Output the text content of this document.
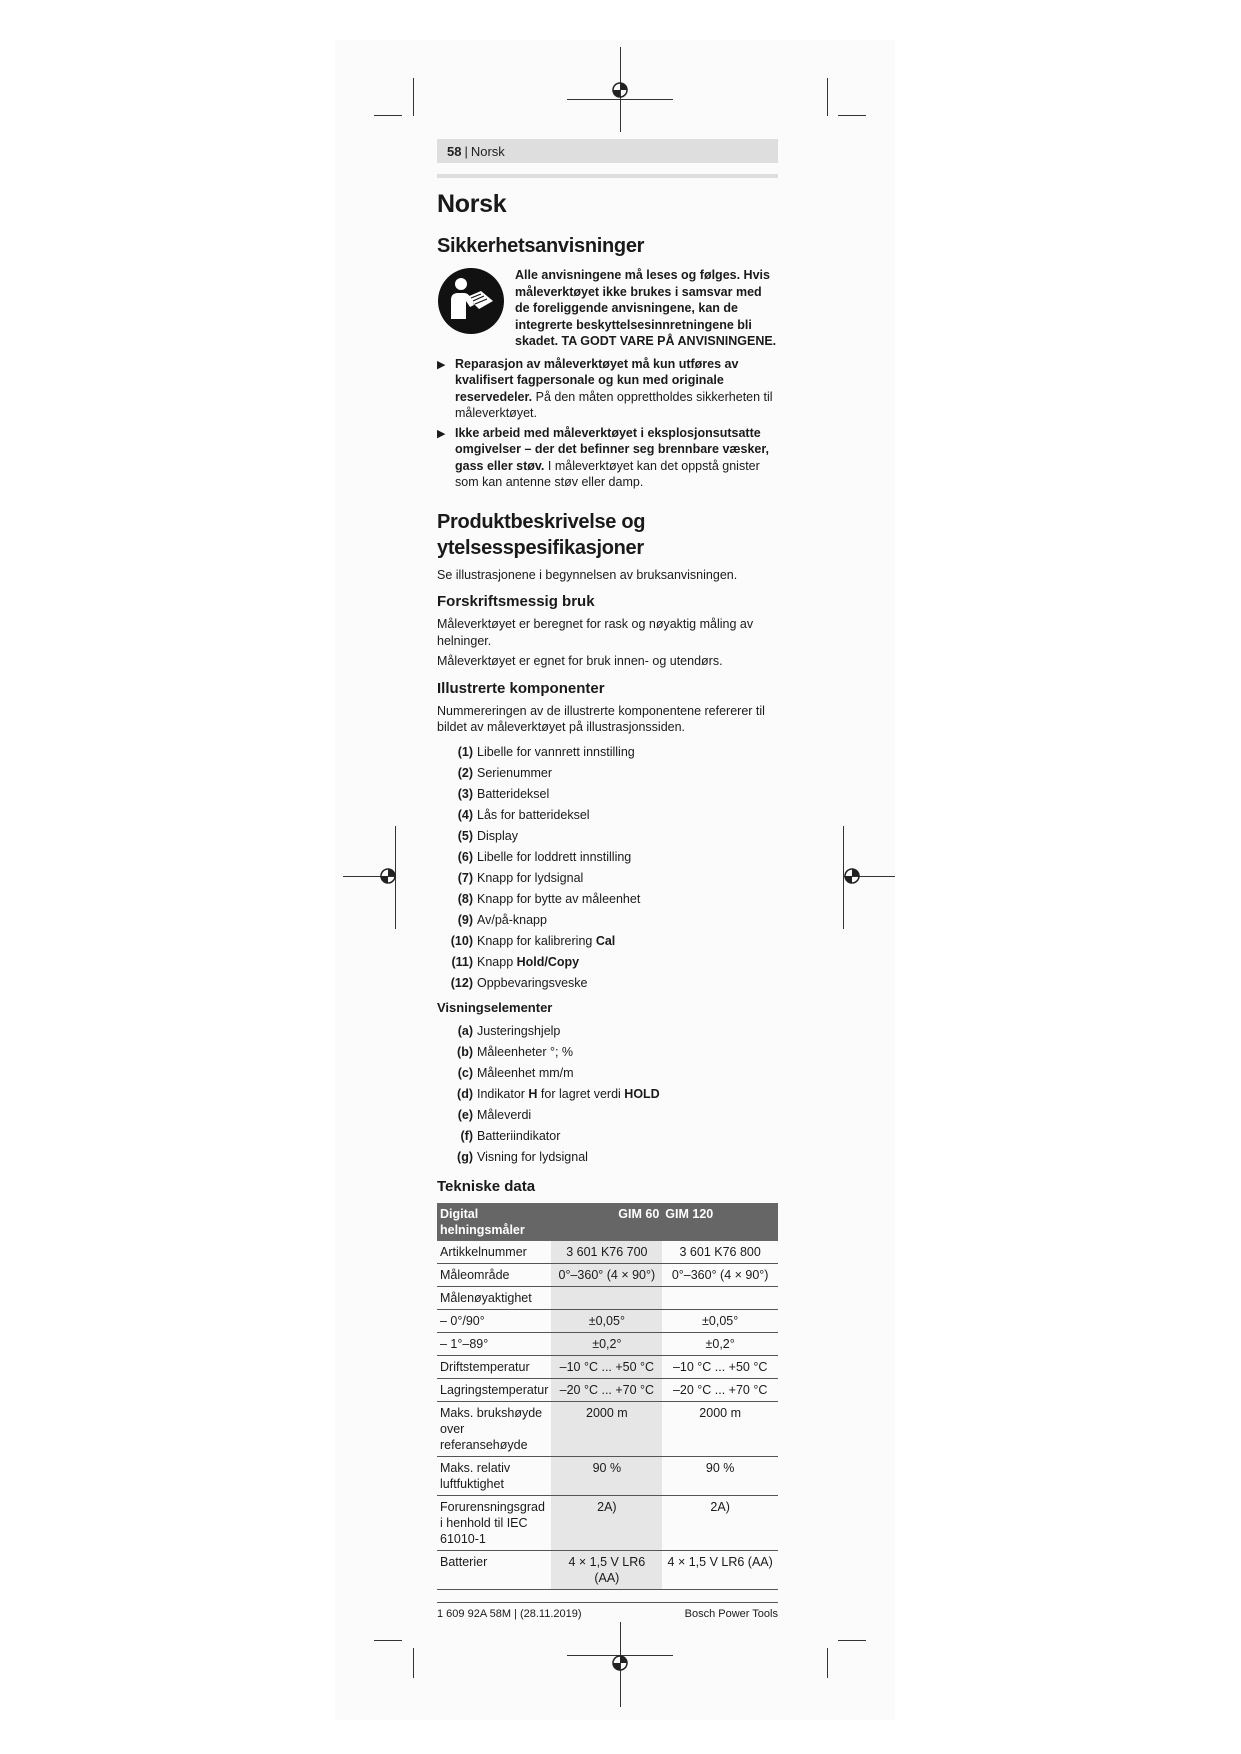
58 | Norsk
Norsk
Sikkerhetsanvisninger
Alle anvisningene må leses og følges. Hvis måleverktøyet ikke brukes i samsvar med de foreliggende anvisningene, kan de integrerte beskyttelsesinnretningene bli skadet. TA GODT VARE PÅ ANVISNINGENE.
▶ Reparasjon av måleverktøyet må kun utføres av kvalifisert fagpersonale og kun med originale reservedeler. På den måten opprettholdes sikkerheten til måleverktøyet.
▶ Ikke arbeid med måleverktøyet i eksplosjonsutsatte omgivelser – der det befinner seg brennbare væsker, gass eller støv. I måleverktøyet kan det oppstå gnister som kan antenne støv eller damp.
Produktbeskrivelse og
ytelsesspesifikasjoner

Se illustrasjonene i begynnelsen av bruksanvisningen.

Forskriftsmessig bruk

Måleverktøyet er beregnet for rask og nøyaktig måling av helninger.

Måleverktøyet er egnet for bruk innen- og utendørs.

Illustrerte komponenter

Nummereringen av de illustrerte komponentene refererer til bildet av måleverktøyet på illustrasjonssiden.

(1) Libelle for vannrett innstilling
(2) Serienummer
(3) Batterideksel
(4) Lås for batterideksel
(5) Display
(6) Libelle for loddrett innstilling
(7) Knapp for lydsignal
(8) Knapp for bytte av måleenhet
(9) Av/på-knapp
(10) Knapp for kalibrering Cal
(11) Knapp Hold/Copy
(12) Oppbevaringsveske
Visningselementer
(a) Justeringshjelp
(b) Måleenheter °; %
(c) Måleenhet mm/m
(d) Indikator H for lagret verdi HOLD
(e) Måleverdi
(f) Batteriindikator
(g) Visning for lydsignal
Tekniske data
Digital helningsmåler	GIM 60	GIM 120
Artikkelnummer	3 601 K76 700	3 601 K76 800
Måleområde	0°–360° (4 × 90°)	0°–360° (4 × 90°)
Målenøyaktighet		
– 0°/90°	±0,05°	±0,05°
– 1°–89°	±0,2°	±0,2°
Driftstemperatur	–10 °C ... +50 °C	–10 °C ... +50 °C
Lagringstemperatur	–20 °C ... +70 °C	–20 °C ... +70 °C
Maks. brukshøyde over referansehøyde	2000 m	2000 m
Maks. relativ luftfuktighet	90 %	90 %
Forurensningsgrad i henhold til IEC 61010-1	2A)	2A)
Batterier	4 × 1,5 V LR6 (AA)	4 × 1,5 V LR6 (AA)
1 609 92A 58M | (28.11.2019)	Bosch Power Tools
